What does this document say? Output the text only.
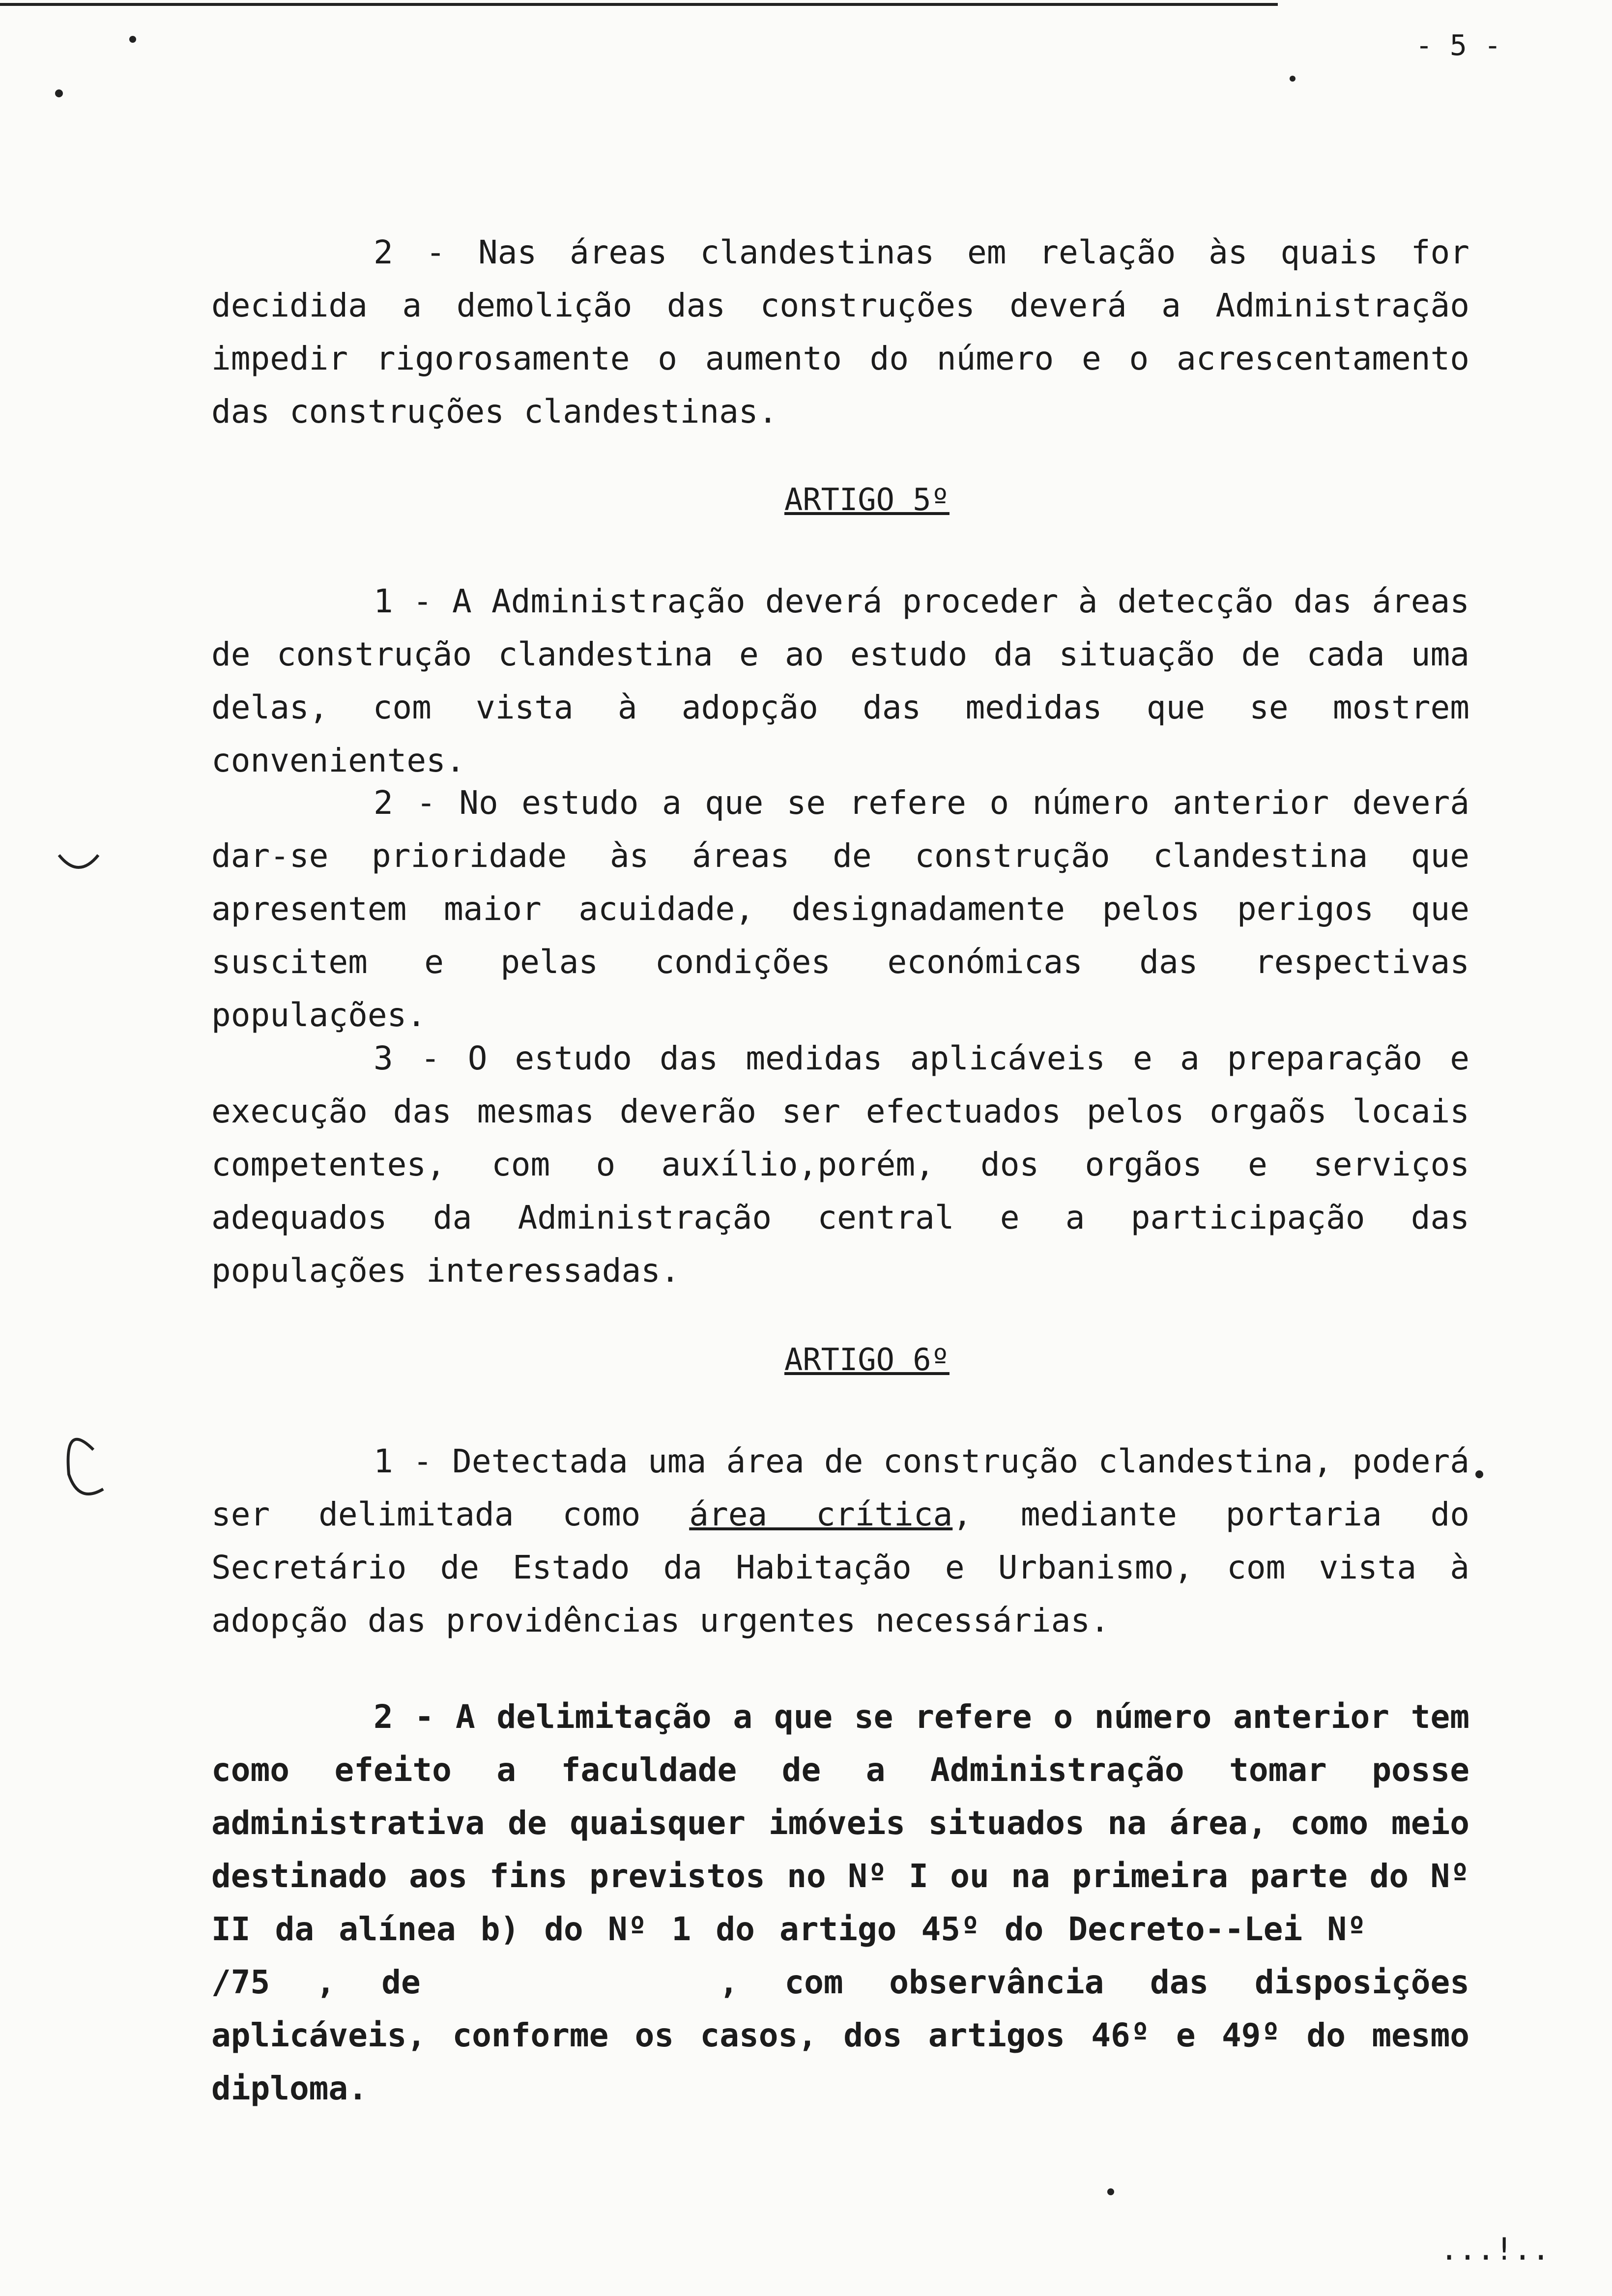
- 5 -

2 - Nas áreas clandestinas em relação às quais for decidida a demolição das construções deverá a Administração impedir rigorosamente o aumento do número e o acrescentamento das construções clandestinas.

ARTIGO 5º

1 - A Administração deverá proceder à detecção das áreas de construção clandestina e ao estudo da situação de cada uma delas, com vista à adopção das medidas que se mostrem convenientes.

2 - No estudo a que se refere o número anterior deverá dar-se prioridade às áreas de construção clandestina que apresentem maior acuidade, designadamente pelos perigos que suscitem e pelas condições económicas das respectivas populações.

3 - O estudo das medidas aplicáveis e a preparação e execução das mesmas deverão ser efectuados pelos orgaõs locais competentes, com o auxílio,porém, dos orgãos e serviços adequados da Administração central e a participação das populações interessadas.

ARTIGO 6º

1 - Detectada uma área de construção clandestina, poderá ser delimitada como área crítica, mediante portaria do Secretário de Estado da Habitação e Urbanismo, com vista à adopção das providências urgentes necessárias.

2 - A delimitação a que se refere o número anterior tem como efeito a faculdade de a Administração tomar posse administrativa de quaisquer imóveis situados na área, como meio destinado aos fins previstos no Nº I ou na primeira parte do Nº II da alínea b) do Nº 1 do artigo 45º do Decreto--Lei Nº  /75 , de	, com observância das disposições aplicáveis, conforme os casos, dos artigos 46º e 49º do mesmo diploma.

...!..
